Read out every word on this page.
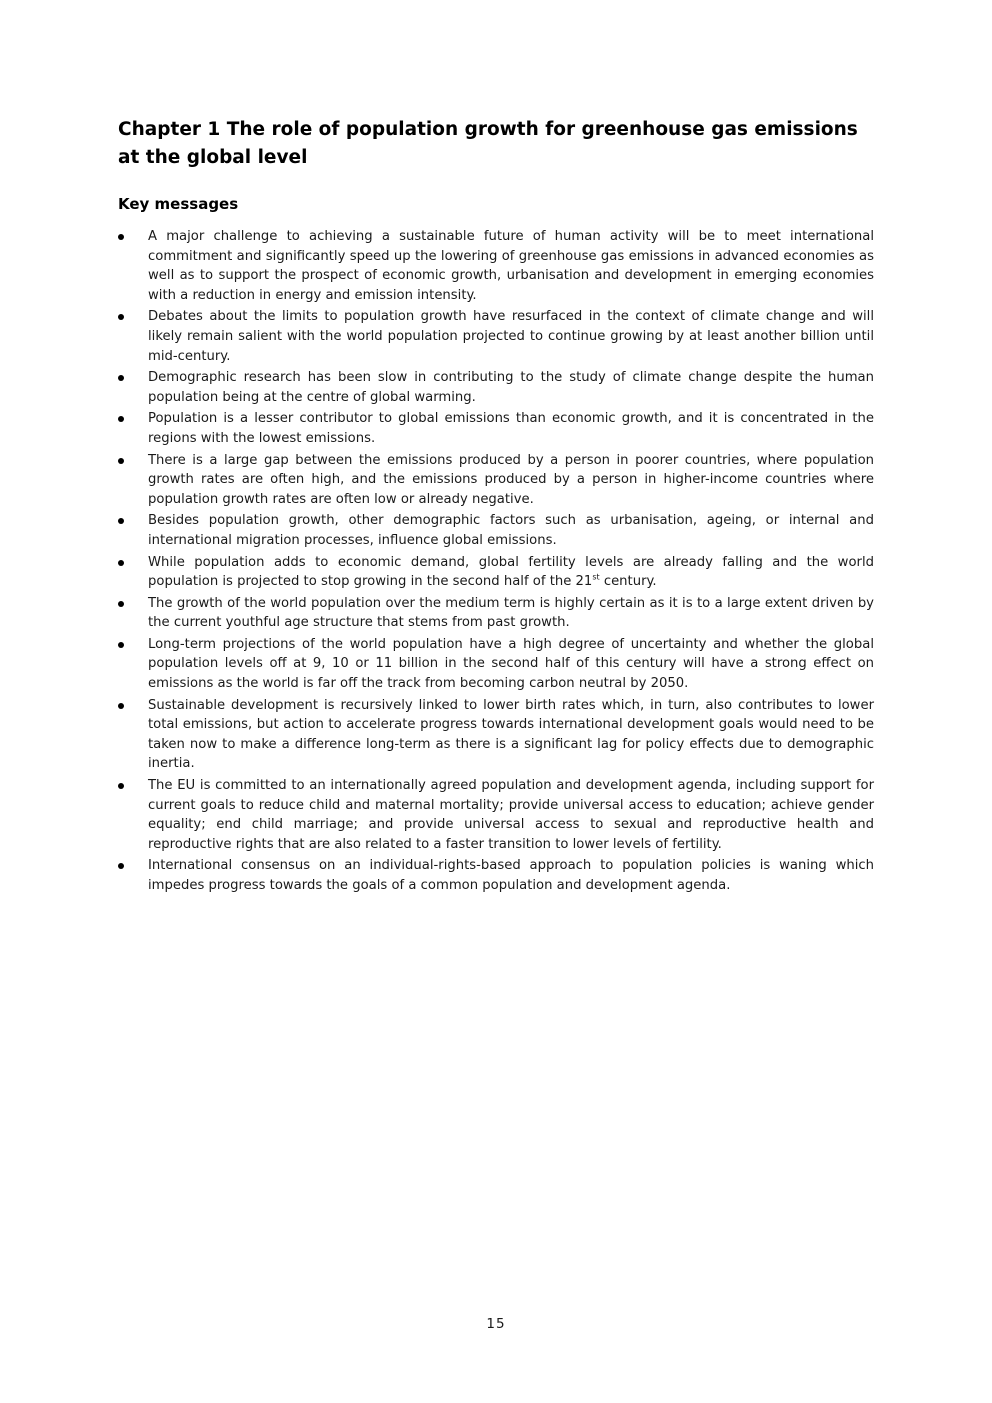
Chapter 1 The role of population growth for greenhouse gas emissions at the global level
Key messages
A major challenge to achieving a sustainable future of human activity will be to meet international commitment and significantly speed up the lowering of greenhouse gas emissions in advanced economies as well as to support the prospect of economic growth, urbanisation and development in emerging economies with a reduction in energy and emission intensity.
Debates about the limits to population growth have resurfaced in the context of climate change and will likely remain salient with the world population projected to continue growing by at least another billion until mid-century.
Demographic research has been slow in contributing to the study of climate change despite the human population being at the centre of global warming.
Population is a lesser contributor to global emissions than economic growth, and it is concentrated in the regions with the lowest emissions.
There is a large gap between the emissions produced by a person in poorer countries, where population growth rates are often high, and the emissions produced by a person in higher-income countries where population growth rates are often low or already negative.
Besides population growth, other demographic factors such as urbanisation, ageing, or internal and international migration processes, influence global emissions.
While population adds to economic demand, global fertility levels are already falling and the world population is projected to stop growing in the second half of the 21st century.
The growth of the world population over the medium term is highly certain as it is to a large extent driven by the current youthful age structure that stems from past growth.
Long-term projections of the world population have a high degree of uncertainty and whether the global population levels off at 9, 10 or 11 billion in the second half of this century will have a strong effect on emissions as the world is far off the track from becoming carbon neutral by 2050.
Sustainable development is recursively linked to lower birth rates which, in turn, also contributes to lower total emissions, but action to accelerate progress towards international development goals would need to be taken now to make a difference long-term as there is a significant lag for policy effects due to demographic inertia.
The EU is committed to an internationally agreed population and development agenda, including support for current goals to reduce child and maternal mortality; provide universal access to education; achieve gender equality; end child marriage; and provide universal access to sexual and reproductive health and reproductive rights that are also related to a faster transition to lower levels of fertility.
International consensus on an individual-rights-based approach to population policies is waning which impedes progress towards the goals of a common population and development agenda.
15
